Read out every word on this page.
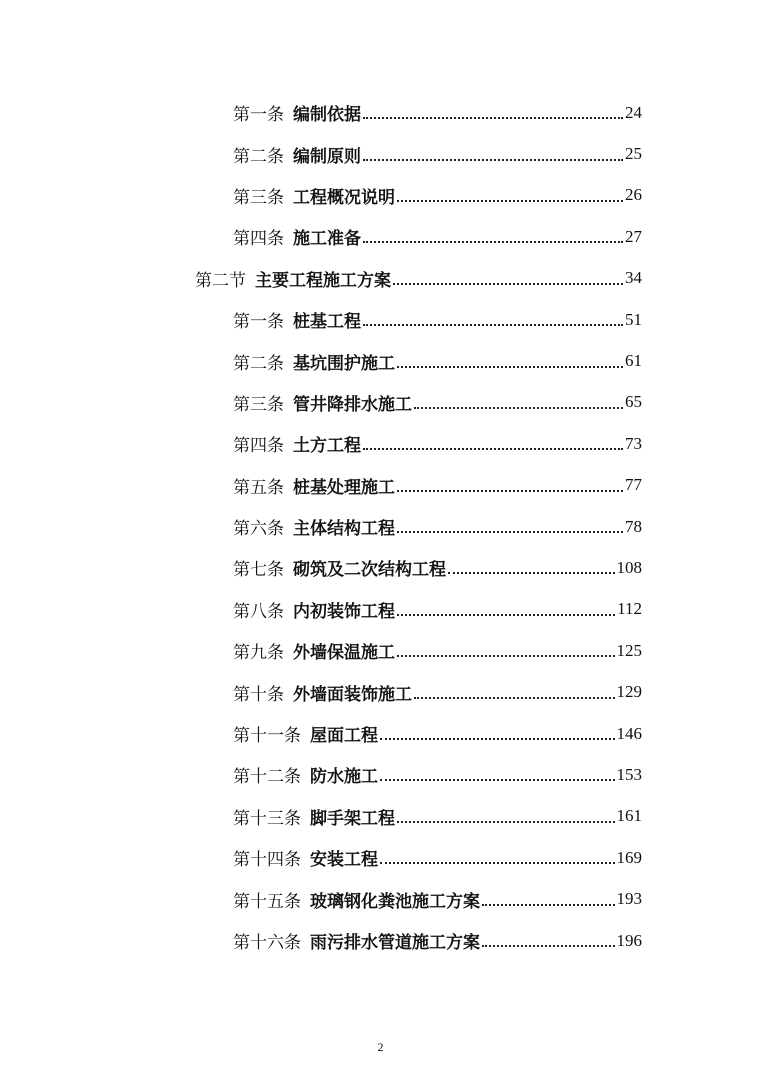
第一条 编制依据	24
第二条 编制原则	25
第三条 工程概况说明	26
第四条 施工准备	27
第二节 主要工程施工方案	34
第一条 桩基工程	51
第二条 基坑围护施工	61
第三条 管井降排水施工	65
第四条 土方工程	73
第五条 桩基处理施工	77
第六条 主体结构工程	78
第七条 砌筑及二次结构工程	108
第八条 内初装饰工程	112
第九条 外墙保温施工	125
第十条 外墙面装饰施工	129
第十一条 屋面工程	146
第十二条 防水施工	153
第十三条 脚手架工程	161
第十四条 安装工程	169
第十五条 玻璃钢化粪池施工方案	193
第十六条 雨污排水管道施工方案	196
2
